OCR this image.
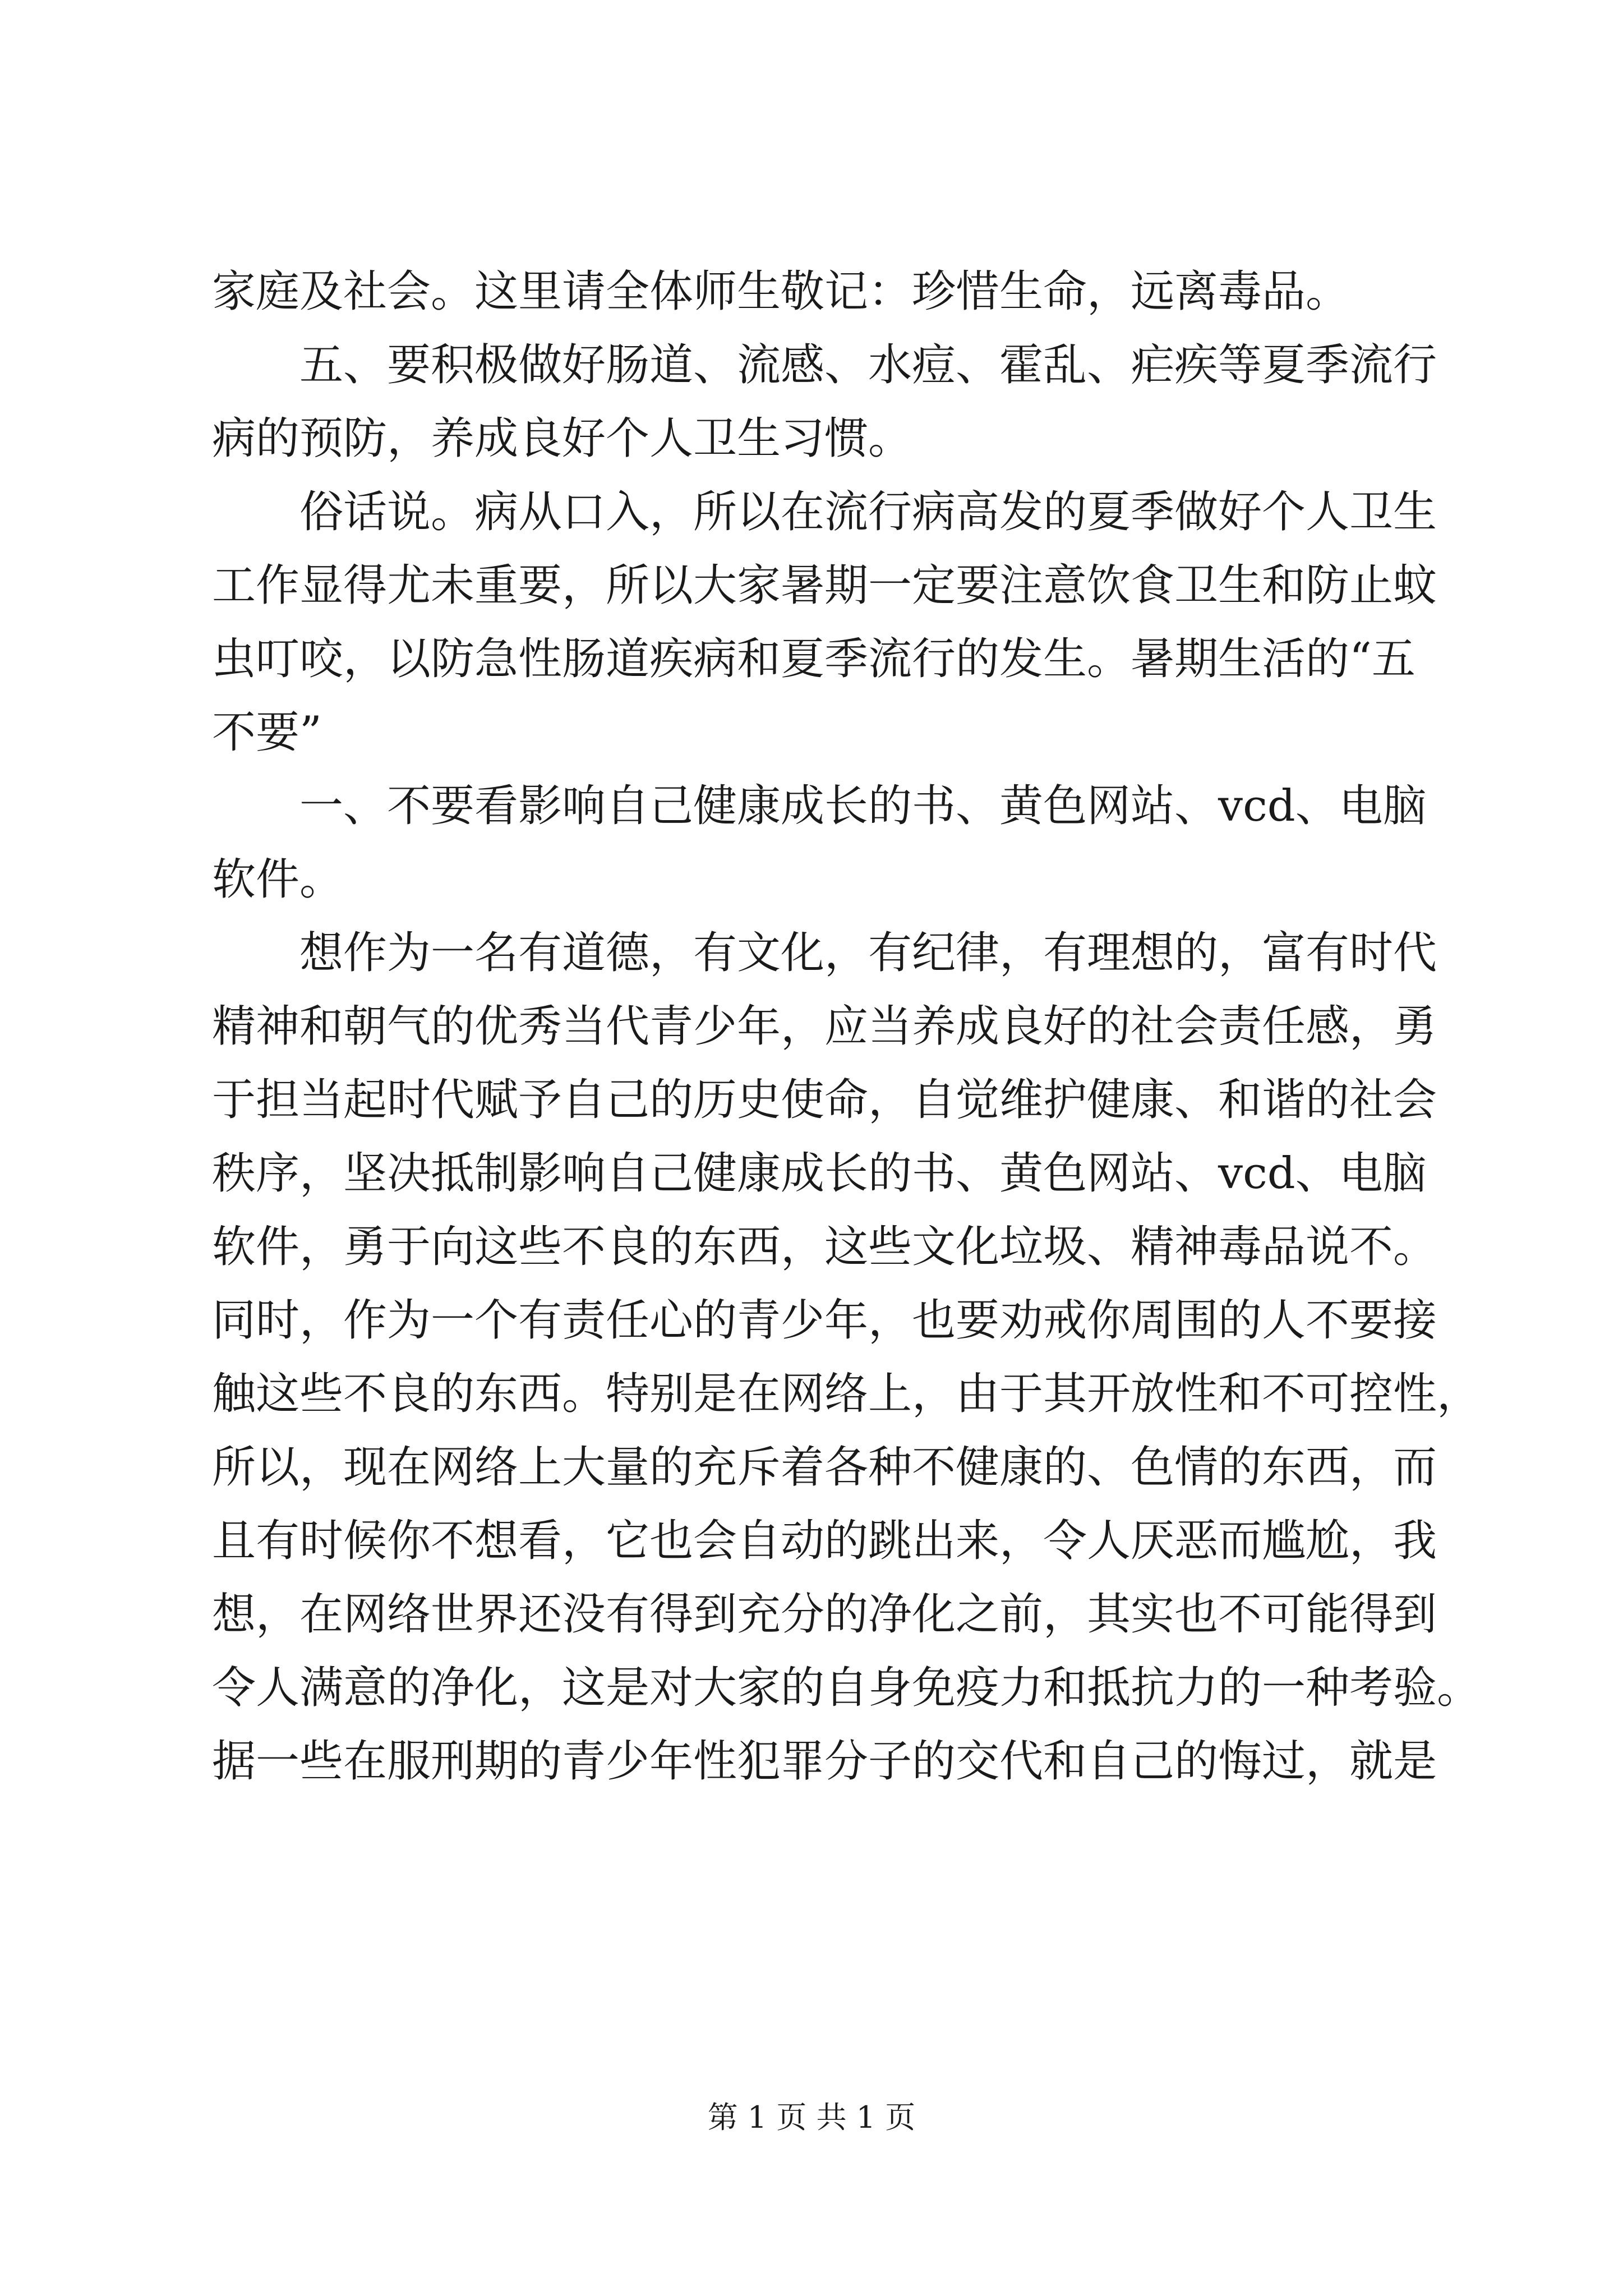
家庭及社会。这里请全体师生敬记：珍惜生命，远离毒品。
五、要积极做好肠道、流感、水痘、霍乱、疟疾等夏季流行
病的预防，养成良好个人卫生习惯。
俗话说。病从口入，所以在流行病高发的夏季做好个人卫生
工作显得尤未重要，所以大家暑期一定要注意饮食卫生和防止蚊
虫叮咬，以防急性肠道疾病和夏季流行的发生。暑期生活的“五
不要”
一、不要看影响自己健康成长的书、黄色网站、vcd、电脑
软件。
想作为一名有道德，有文化，有纪律，有理想的，富有时代
精神和朝气的优秀当代青少年，应当养成良好的社会责任感，勇
于担当起时代赋予自己的历史使命，自觉维护健康、和谐的社会
秩序，坚决抵制影响自己健康成长的书、黄色网站、vcd、电脑
软件，勇于向这些不良的东西，这些文化垃圾、精神毒品说不。
同时，作为一个有责任心的青少年，也要劝戒你周围的人不要接
触这些不良的东西。特别是在网络上，由于其开放性和不可控性，
所以，现在网络上大量的充斥着各种不健康的、色情的东西，而
且有时候你不想看，它也会自动的跳出来，令人厌恶而尴尬，我
想，在网络世界还没有得到充分的净化之前，其实也不可能得到
令人满意的净化，这是对大家的自身免疫力和抵抗力的一种考验。
据一些在服刑期的青少年性犯罪分子的交代和自己的悔过，就是
第 1 页 共 1 页
